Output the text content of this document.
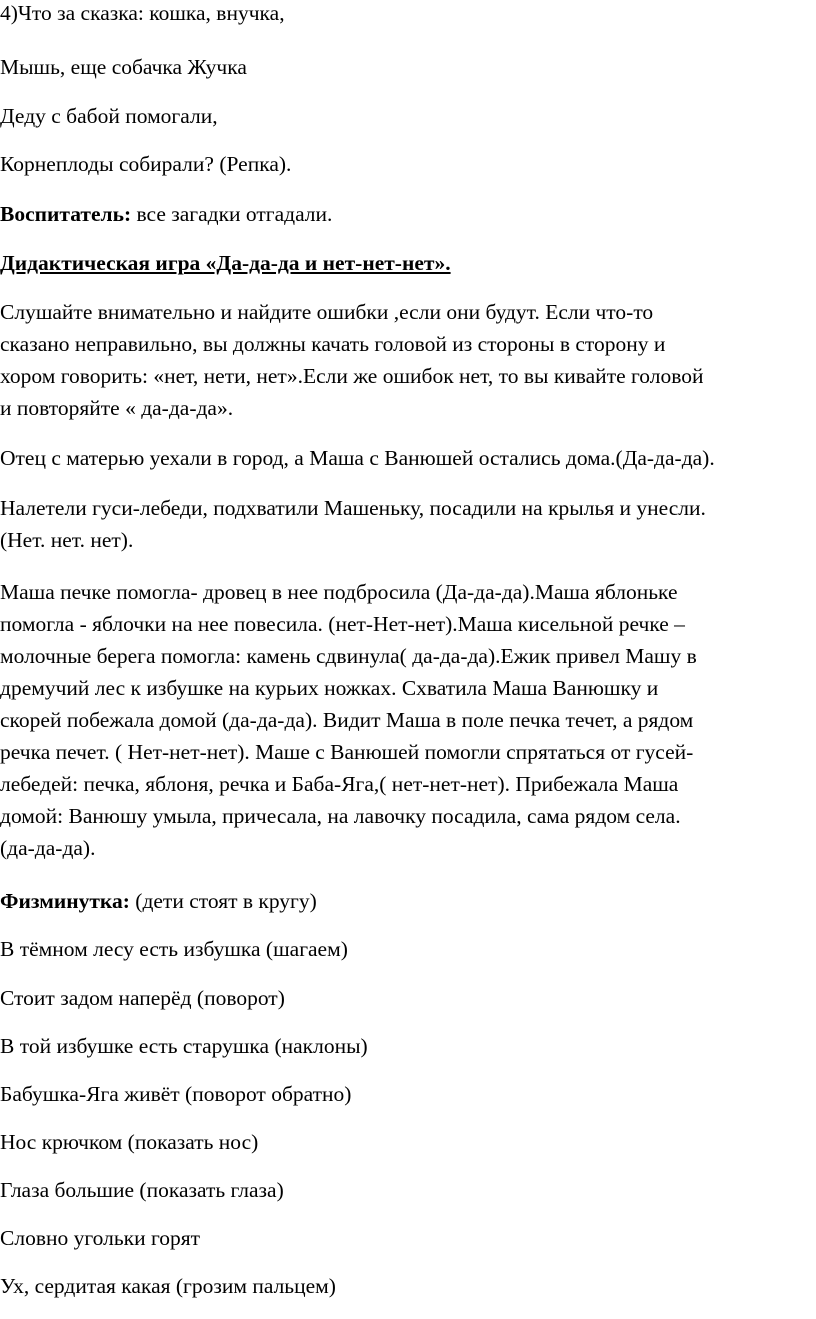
4)Что за сказка: кошка, внучка,

Мышь, еще собачка Жучка

Деду с бабой помогали,

Корнеплоды собирали? (Репка).

Воспитатель: все загадки отгадали.

Дидактическая игра «Да-да-да и нет-нет-нет».

Слушайте внимательно и найдите ошибки ,если они будут. Если что-то

сказано неправильно, вы должны качать головой из стороны в сторону и

хором говорить: «нет, нети, нет».Если же ошибок нет, то вы кивайте головой

и повторяйте « да-да-да».

Отец с матерью уехали в город, а Маша с Ванюшей остались дома.(Да-да-да).

Налетели гуси-лебеди, подхватили Машеньку, посадили на крылья и унесли.

(Нет. нет. нет).

Маша печке помогла- дровец в нее подбросила (Да-да-да).Маша яблоньке

помогла - яблочки на нее повесила. (нет-Нет-нет).Маша кисельной речке –

молочные берега помогла: камень сдвинула( да-да-да).Ежик привел Машу в

дремучий лес к избушке на курьих ножках. Схватила Маша Ванюшку и

скорей побежала домой (да-да-да). Видит Маша в поле печка течет, а рядом

речка печет. ( Нет-нет-нет). Маше с Ванюшей помогли спрятаться от гусей-

лебедей: печка, яблоня, речка и Баба-Яга,( нет-нет-нет). Прибежала Маша

домой: Ванюшу умыла, причесала, на лавочку посадила, сама рядом села.

(да-да-да).

Физминутка: (дети стоят в кругу)

В тёмном лесу есть избушка (шагаем)

Стоит задом наперёд (поворот)

В той избушке есть старушка (наклоны)

Бабушка-Яга живёт (поворот обратно)

Нос крючком (показать нос)

Глаза большие (показать глаза)

Словно угольки горят

Ух, сердитая какая (грозим пальцем)
